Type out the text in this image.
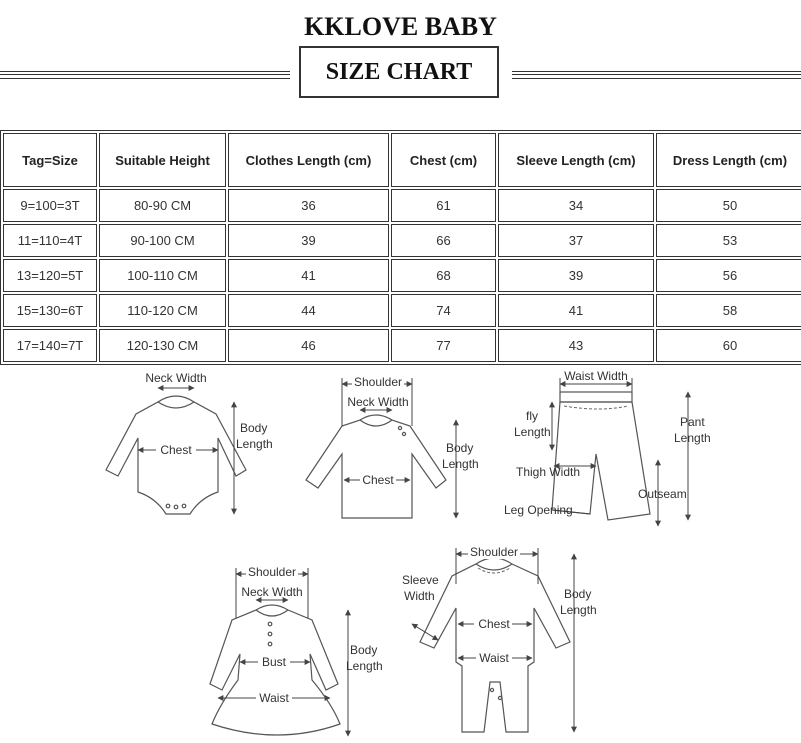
KKLOVE BABY
SIZE CHART
Tag=Size	Suitable Height	Clothes Length (cm)	Chest (cm)	Sleeve Length (cm)	Dress Length (cm)
9=100=3T	80-90 CM	36	61	34	50
11=110=4T	90-100 CM	39	66	37	53
13=120=5T	100-110 CM	41	68	39	56
15=130=6T	110-120 CM	44	74	41	58
17=140=7T	120-130 CM	46	77	43	60
Neck Width
Chest
Body
Length
Shoulder
Neck Width
Chest
Body
Length
Waist Width
fly
Length
Pant
Length
Thigh Width
Outseam
Leg Opening
Shoulder
Neck Width
Bust
Waist
Body
Length
Shoulder
Sleeve
Width
Chest
Waist
Body
Length
